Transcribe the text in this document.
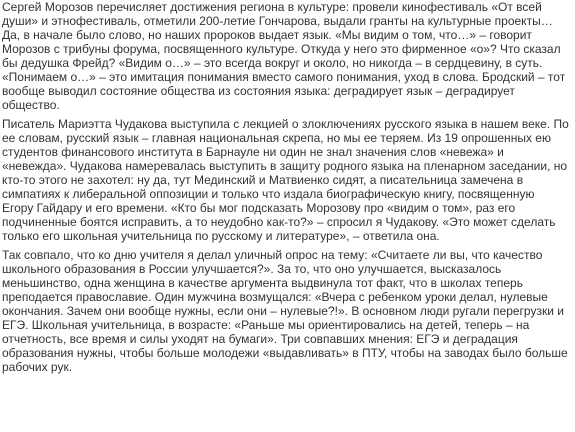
Сергей Морозов перечисляет достижения региона в культуре: провели кинофестиваль «От всей души» и этнофестиваль, отметили 200-летие Гончарова, выдали гранты на культурные проекты… Да, в начале было слово, но наших пророков выдает язык. «Мы видим о том, что…» – говорит Морозов с трибуны форума, посвященного культуре. Откуда у него это фирменное «о»? Что сказал бы дедушка Фрейд? «Видим о…» – это всегда вокруг и около, но никогда – в сердцевину, в суть. «Понимаем о…» – это имитация понимания вместо самого понимания, уход в слова. Бродский – тот вообще выводил состояние общества из состояния языка: деградирует язык – деградирует общество.

Писатель Мариэтта Чудакова выступила с лекцией о злоключениях русского языка в нашем веке. По ее словам, русский язык – главная национальная скрепа, но мы ее теряем. Из 19 опрошенных ею студентов финансового института в Барнауле ни один не знал значения слов «невежа» и «невежда». Чудакова намеревалась выступить в защиту родного языка на пленарном заседании, но кто-то этого не захотел: ну да, тут Мединский и Матвиенко сидят, а писательница замечена в симпатиях к либеральной оппозиции и только что издала биографическую книгу, посвященную Егору Гайдару и его времени. «Кто бы мог подсказать Морозову про «видим о том», раз его подчиненные боятся исправить, а то неудобно как-то?» – спросил я Чудакову. «Это может сделать только его школьная учительница по русскому и литературе», – ответила она.

Так совпало, что ко дню учителя я делал уличный опрос на тему: «Считаете ли вы, что качество школьного образования в России улучшается?». За то, что оно улучшается, высказалось меньшинство, одна женщина в качестве аргумента выдвинула тот факт, что в школах теперь преподается православие. Один мужчина возмущался: «Вчера с ребенком уроки делал, нулевые окончания. Зачем они вообще нужны, если они – нулевые?!». В основном люди ругали перегрузки и ЕГЭ. Школьная учительница, в возрасте: «Раньше мы ориентировались на детей, теперь – на отчетность, все время и силы уходят на бумаги». Три совпавших мнения: ЕГЭ и деградация образования нужны, чтобы больше молодежи «выдавливать» в ПТУ, чтобы на заводах было больше рабочих рук.
